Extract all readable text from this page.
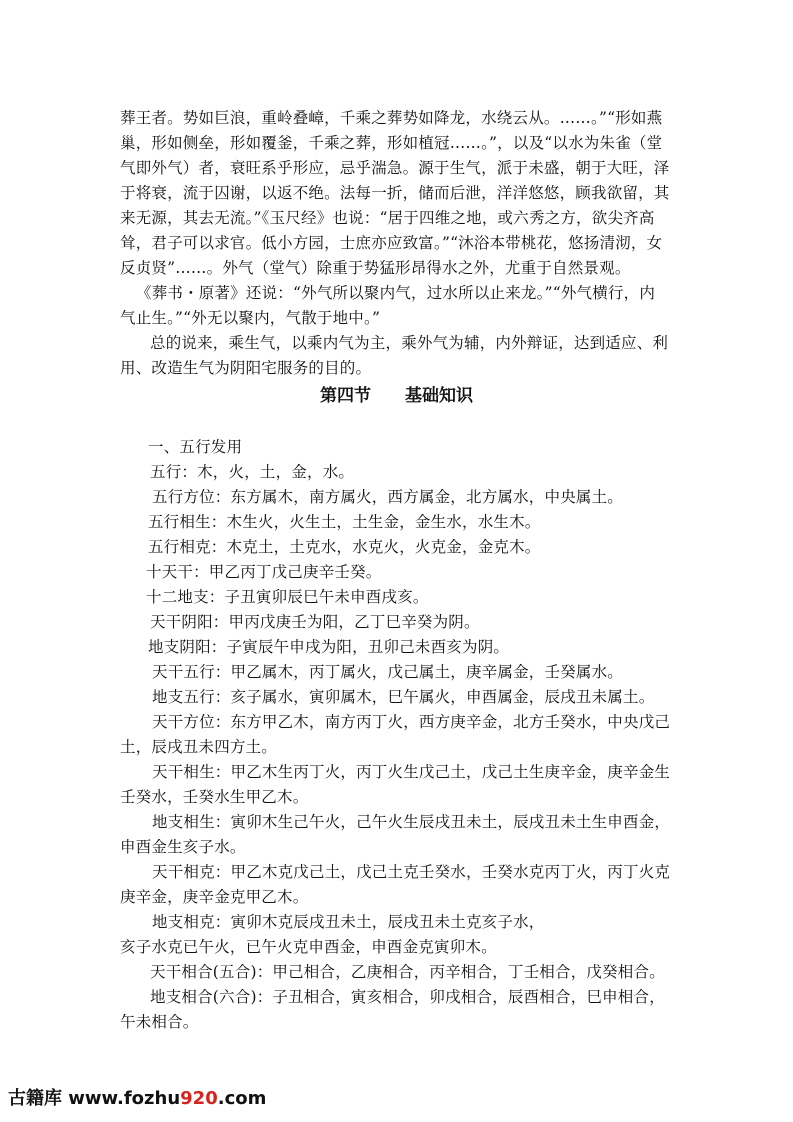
葬王者。势如巨浪，重岭叠嶂，千乘之葬势如降龙，水绕云从。……。”“形如燕
巢，形如侧垒，形如覆釜，千乘之葬，形如植冠……。”，以及“以水为朱雀（堂
气即外气）者，衰旺系乎形应，忌乎湍急。源于生气，派于未盛，朝于大旺，泽
于将衰，流于囚谢，以返不绝。法每一折，储而后泄，洋洋悠悠，顾我欲留，其
来无源，其去无流。”《玉尺经》也说：“居于四维之地，或六秀之方，欲尖齐高
耸，君子可以求官。低小方园，士庶亦应致富。”“沐浴本带桃花，悠扬清沏，女
反贞贤”……。外气（堂气）除重于势猛形昂得水之外，尤重于自然景观。
《葬书・原著》还说：“外气所以聚内气，过水所以止来龙。”“外气横行，内
气止生。”“外无以聚内，气散于地中。”
总的说来，乘生气，以乘内气为主，乘外气为辅，内外辩证，达到适应、利
用、改造生气为阴阳宅服务的目的。
第四节　　基础知识
一、五行发用
五行：木，火，土，金，水。
五行方位：东方属木，南方属火，西方属金，北方属水，中央属土。
五行相生：木生火，火生土，土生金，金生水，水生木。
五行相克：木克土，土克水，水克火，火克金，金克木。
十天干：甲乙丙丁戊己庚辛壬癸。
十二地支：子丑寅卯辰巳午未申酉戌亥。
天干阴阳：甲丙戊庚壬为阳，乙丁巳辛癸为阴。
地支阴阳：子寅辰午申戌为阳，丑卯己未酉亥为阴。
天干五行：甲乙属木，丙丁属火，戊己属土，庚辛属金，壬癸属水。
地支五行：亥子属水，寅卯属木，巳午属火，申酉属金，辰戌丑未属土。
天干方位：东方甲乙木，南方丙丁火，西方庚辛金，北方壬癸水，中央戊己
土，辰戌丑未四方土。
天干相生：甲乙木生丙丁火，丙丁火生戊己土，戊己土生庚辛金，庚辛金生
壬癸水，壬癸水生甲乙木。
地支相生：寅卯木生己午火，己午火生辰戌丑未土，辰戌丑未土生申酉金，
申酉金生亥子水。
天干相克：甲乙木克戊己土，戊己土克壬癸水，壬癸水克丙丁火，丙丁火克
庚辛金，庚辛金克甲乙木。
地支相克：寅卯木克辰戌丑未土，辰戌丑未土克亥子水，
亥子水克已午火，已午火克申酉金，申酉金克寅卯木。
天干相合(五合)：甲己相合，乙庚相合，丙辛相合，丁壬相合，戊癸相合。
地支相合(六合)：子丑相合，寅亥相合，卯戌相合，辰酉相合，巳申相合，
午未相合。
古籍库 www.fozhu920.com
